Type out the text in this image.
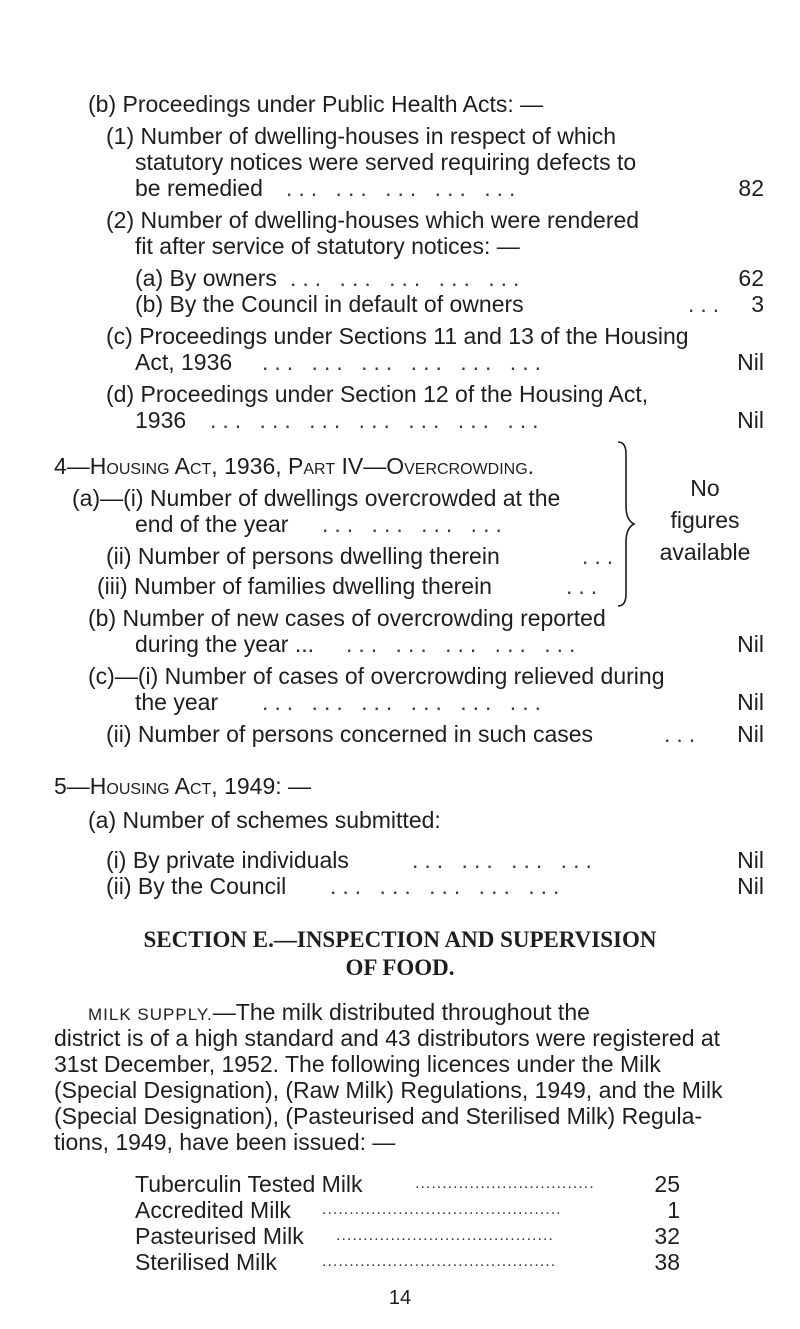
(b) Proceedings under Public Health Acts: —
(1) Number of dwelling-houses in respect of which
statutory notices were served requiring defects to
be remedied ... ... ... ... ...	82
(2) Number of dwelling-houses which were rendered
fit after service of statutory notices: —
(a) By owners ... ... ... ... ...	62
(b) By the Council in default of owners	... 3
(c) Proceedings under Sections 11 and 13 of the Housing
Act, 1936 ... ... ... ... ... ...	Nil
(d) Proceedings under Section 12 of the Housing Act,
1936 ... ... ... ... ... ... ...	Nil
4—Housing Act, 1936, Part IV—Overcrowding.
(a)—(i) Number of dwellings overcrowded at the
end of the year ... ... ... ...
(ii) Number of persons dwelling therein	...
(iii) Number of families dwelling therein	...
No
figures
available
(b) Number of new cases of overcrowding reported
during the year ... ... ... ... ... ...	Nil
(c)—(i) Number of cases of overcrowding relieved during
the year ... ... ... ... ... ...	Nil
(ii) Number of persons concerned in such cases	... Nil
5—Housing Act, 1949: —
(a) Number of schemes submitted:
(i) By private individuals	... ... ... ...	Nil
(ii) By the Council ... ... ... ... ...	Nil
SECTION E.—INSPECTION AND SUPERVISION
OF FOOD.
MILK SUPPLY.—The milk distributed throughout the
district is of a high standard and 43 distributors were registered at
31st December, 1952. The following licences under the Milk
(Special Designation), (Raw Milk) Regulations, 1949, and the Milk
(Special Designation), (Pasteurised and Sterilised Milk) Regula-
tions, 1949, have been issued: —
Tuberculin Tested Milk	.................................	25
Accredited Milk ............................................	1
Pasteurised Milk ........................................	32
Sterilised Milk	...........................................	38
14
